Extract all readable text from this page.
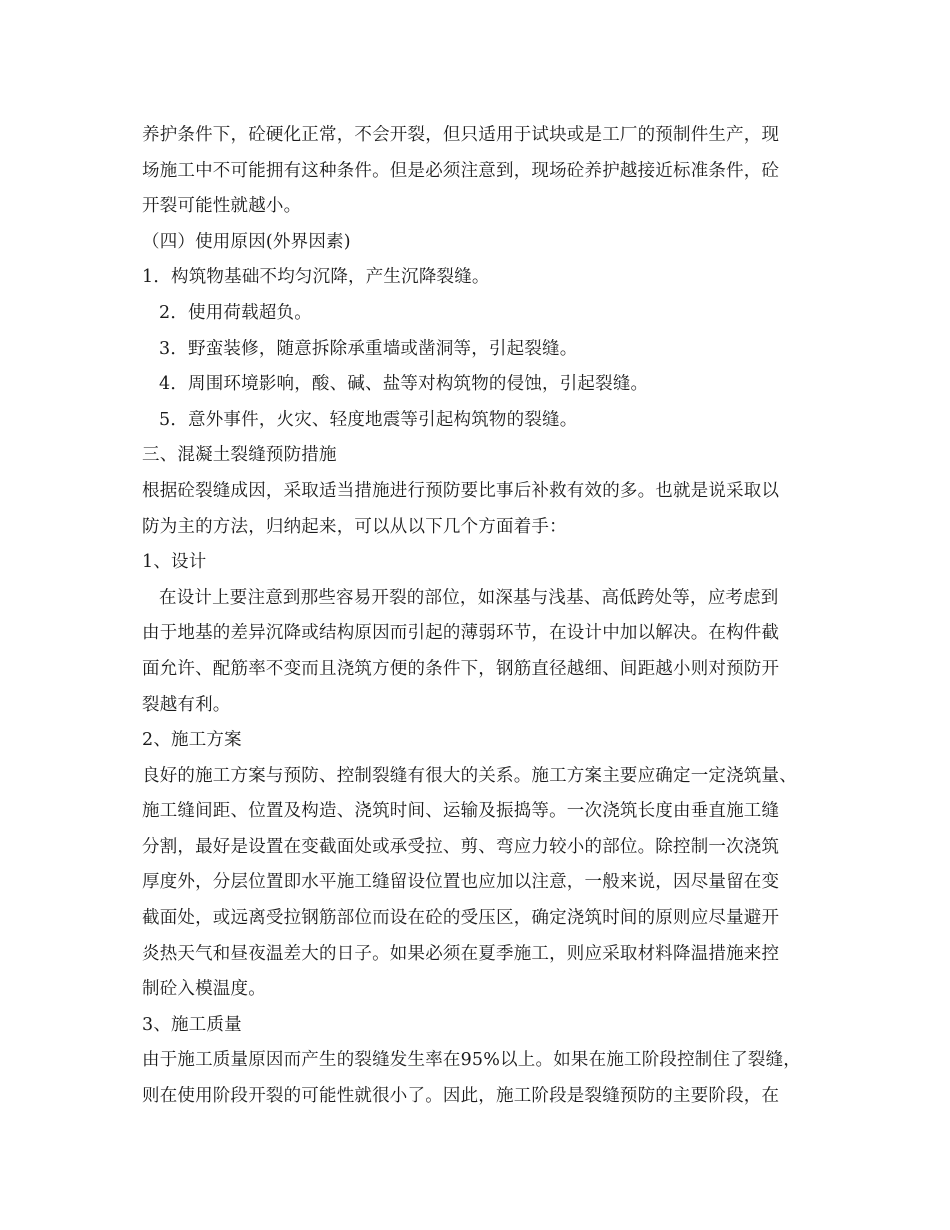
养护条件下，砼硬化正常，不会开裂，但只适用于试块或是工厂的预制件生产，现
场施工中不可能拥有这种条件。但是必须注意到，现场砼养护越接近标准条件，砼
开裂可能性就越小。
（四）使用原因(外界因素)
1．构筑物基础不均匀沉降，产生沉降裂缝。
2．使用荷载超负。
3．野蛮装修，随意拆除承重墙或凿洞等，引起裂缝。
4．周围环境影响，酸、碱、盐等对构筑物的侵蚀，引起裂缝。
5．意外事件，火灾、轻度地震等引起构筑物的裂缝。
三、混凝土裂缝预防措施
根据砼裂缝成因，采取适当措施进行预防要比事后补救有效的多。也就是说采取以
防为主的方法，归纳起来，可以从以下几个方面着手：
1、设计
在设计上要注意到那些容易开裂的部位，如深基与浅基、高低跨处等，应考虑到
由于地基的差异沉降或结构原因而引起的薄弱环节，在设计中加以解决。在构件截
面允许、配筋率不变而且浇筑方便的条件下，钢筋直径越细、间距越小则对预防开
裂越有利。
2、施工方案
良好的施工方案与预防、控制裂缝有很大的关系。施工方案主要应确定一定浇筑量、
施工缝间距、位置及构造、浇筑时间、运输及振捣等。一次浇筑长度由垂直施工缝
分割，最好是设置在变截面处或承受拉、剪、弯应力较小的部位。除控制一次浇筑
厚度外，分层位置即水平施工缝留设位置也应加以注意，一般来说，因尽量留在变
截面处，或远离受拉钢筋部位而设在砼的受压区，确定浇筑时间的原则应尽量避开
炎热天气和昼夜温差大的日子。如果必须在夏季施工，则应采取材料降温措施来控
制砼入模温度。
3、施工质量
由于施工质量原因而产生的裂缝发生率在95%以上。如果在施工阶段控制住了裂缝，
则在使用阶段开裂的可能性就很小了。因此，施工阶段是裂缝预防的主要阶段，在
